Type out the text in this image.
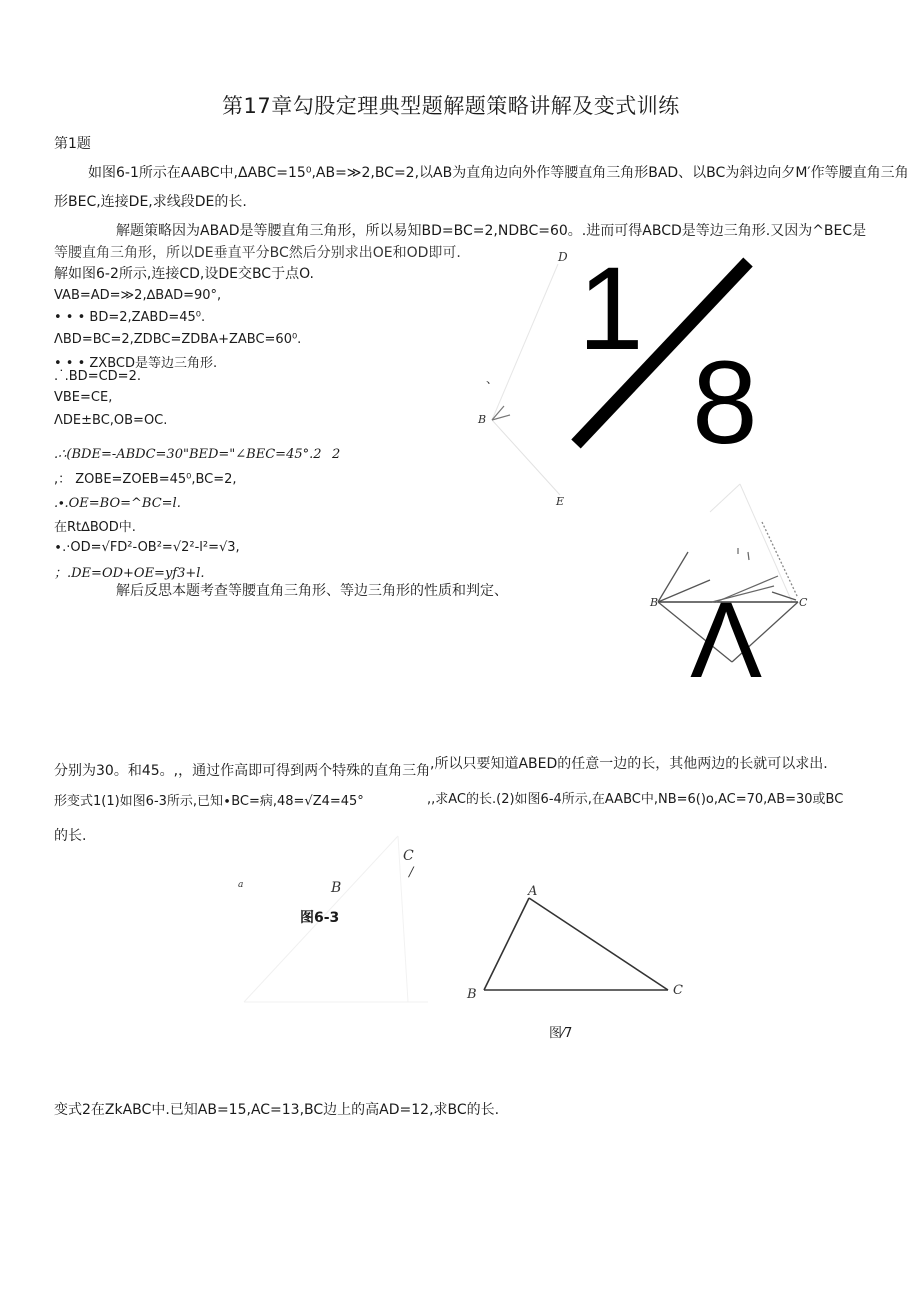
第17章勾股定理典型题解题策略讲解及变式训练
第1题
如图6-1所示在AABC中,ΔABC=15⁰,AB=≫2,BC=2,以AB为直角边向外作等腰直角三角形BAD、以BC为斜边向夕M′作等腰直角三角
形BEC,连接DE,求线段DE的长.
解题策略因为ABAD是等腰直角三角形，所以易知BD=BC=2,NDBC=60。.进而可得ABCD是等边三角形.又因为^BEC是
等腰直角三角形，所以DE垂直平分BC然后分别求出OE和OD即可.
解如图6-2所示,连接CD,设DE交BC于点O.
VAB=AD=≫2,∆BAD=90°,
• • • BD=2,ZABD=45⁰.
ΛBD=BC=2,ZDBC=ZDBA+ZABC=60⁰.
• • • ZXBCD是等边三角形.
.˙.BD=CD=2.
VBE=CE,
ΛDE±BC,OB=OC.
.∴(BDE=-ABDC=30"BED="∠BEC=45°.2 2
,： ZOBE=ZOEB=45⁰,BC=2,
.∙.OE=BO=^BC=l.
在Rt∆BOD中.
∙.·OD=√FD²-OB²=√2²-l²=√3,
；.DE=OD+OE=yf3+l.
解后反思本题考查等腰直角三角形、等边三角形的性质和判定、
D
、
B
E
1
8
B	C
Λ
分别为30。和45。,，通过作高即可得到两个特殊的直角三角 ,所以只要知道ABED的任意一边的长，其他两边的长就可以求出.
形变式1(1)如图6-3所示,已知∙BC=病,48=√Z4=45°	,,求AC的长.(2)如图6-4所示,在AABC中,NB=6()o,AC=70,AB=30或BC
的长.
C
/
a	B
图6-3
A
B	C
图⁄7
变式2在ZkABC中.已知AB=15,AC=13,BC边上的高AD=12,求BC的长.
